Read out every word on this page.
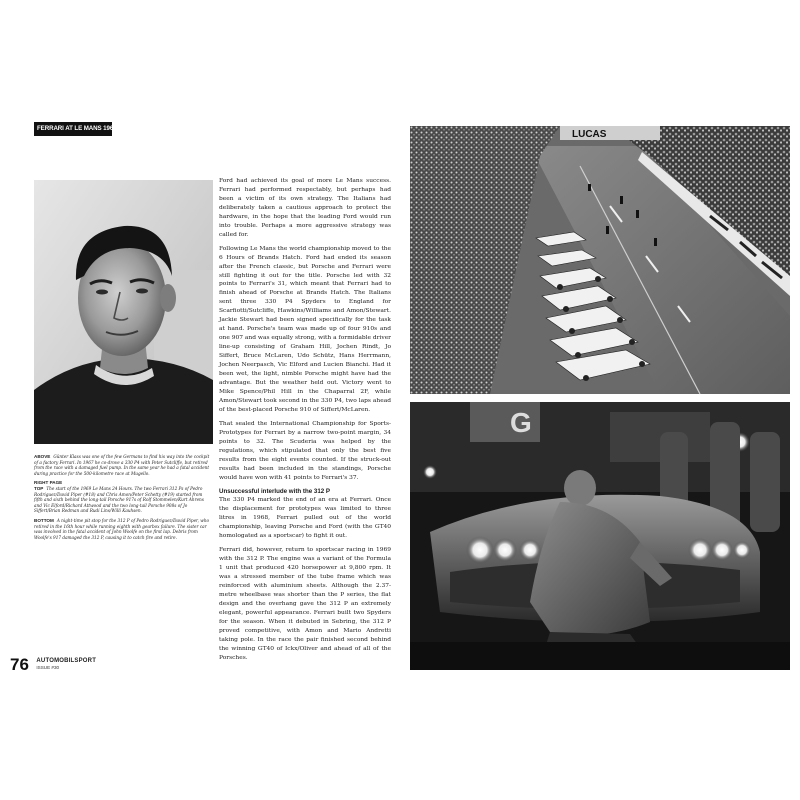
FERRARI AT LE MANS 1961–1969
ABOVE Günter Klass was one of the few Germans to find his way into the cockpit of a factory Ferrari. In 1967 he co-drove a 330 P4 with Peter Sutcliffe, but retired from the race with a damaged fuel pump. In the same year he had a fatal accident during practice for the 500-kilometre race at Mugello.
RIGHT PAGE
TOP The start of the 1969 Le Mans 24 Hours. The two Ferrari 312 Ps of Pedro Rodriguez/David Piper (#18) and Chris Amon/Peter Schetty (#19) started from fifth and sixth behind the long-tail Porsche 917s of Rolf Stommelen/Kurt Ahrens and Vic Elford/Richard Attwood and the two long-tail Porsche 908s of Jo Siffert/Brian Redman and Rudi Lins/Willi Kauhsen.
BOTTOM A night-time pit stop for the 312 P of Pedro Rodriguez/David Piper, who retired in the 16th hour while running eighth with gearbox failure. The sister car was involved in the fatal accident of John Woolfe on the first lap. Debris from Woolfe's 917 damaged the 312 P, causing it to catch fire and retire.

Ford had achieved its goal of more Le Mans success. Ferrari had performed respectably, but perhaps had been a victim of its own strategy. The Italians had deliberately taken a cautious approach to protect the hardware, in the hope that the leading Ford would run into trouble. Perhaps a more aggressive strategy was called for.

Following Le Mans the world championship moved to the 6 Hours of Brands Hatch. Ford had ended its season after the French classic, but Porsche and Ferrari were still fighting it out for the title. Porsche led with 32 points to Ferrari's 31, which meant that Ferrari had to finish ahead of Porsche at Brands Hatch. The Italians sent three 330 P4 Spyders to England for Scarfiotti/Sutcliffe, Hawkins/Williams and Amon/Stewart. Jackie Stewart had been signed specifically for the task at hand. Porsche's team was made up of four 910s and one 907 and was equally strong, with a formidable driver line-up consisting of Graham Hill, Jochen Rindt, Jo Siffert, Bruce McLaren, Udo Schütz, Hans Herrmann, Jochen Neerpasch, Vic Elford and Lucien Bianchi. Had it been wet, the light, nimble Porsche might have had the advantage. But the weather held out. Victory went to Mike Spence/Phil Hill in the Chaparral 2F, while Amon/Stewart took second in the 330 P4, two laps ahead of the best-placed Porsche 910 of Siffert/McLaren.

That sealed the International Championship for Sports-Prototypes for Ferrari by a narrow two-point margin, 34 points to 32. The Scuderia was helped by the regulations, which stipulated that only the best five results from the eight events counted. If the struck-out results had been included in the standings, Porsche would have won with 41 points to Ferrari's 37.

Unsuccessful interlude with the 312 P

The 330 P4 marked the end of an era at Ferrari. Once the displacement for prototypes was limited to three litres in 1968, Ferrari pulled out of the world championship, leaving Porsche and Ford (with the GT40 homologated as a sportscar) to fight it out.

Ferrari did, however, return to sportscar racing in 1969 with the 312 P. The engine was a variant of the Formula 1 unit that produced 420 horsepower at 9,800 rpm. It was a stressed member of the tube frame which was reinforced with aluminium sheets. Although the 2.37-metre wheelbase was shorter than the P series, the flat design and the overhang gave the 312 P an extremely elegant, powerful appearance. Ferrari built two Spyders for the season. When it debuted in Sebring, the 312 P proved competitive, with Amon and Mario Andretti taking pole. In the race the pair finished second behind the winning GT40 of Ickx/Oliver and ahead of all of the Porsches.

76 AUTOMOBILSPORT
ISSUE #30
LUCAS
G
